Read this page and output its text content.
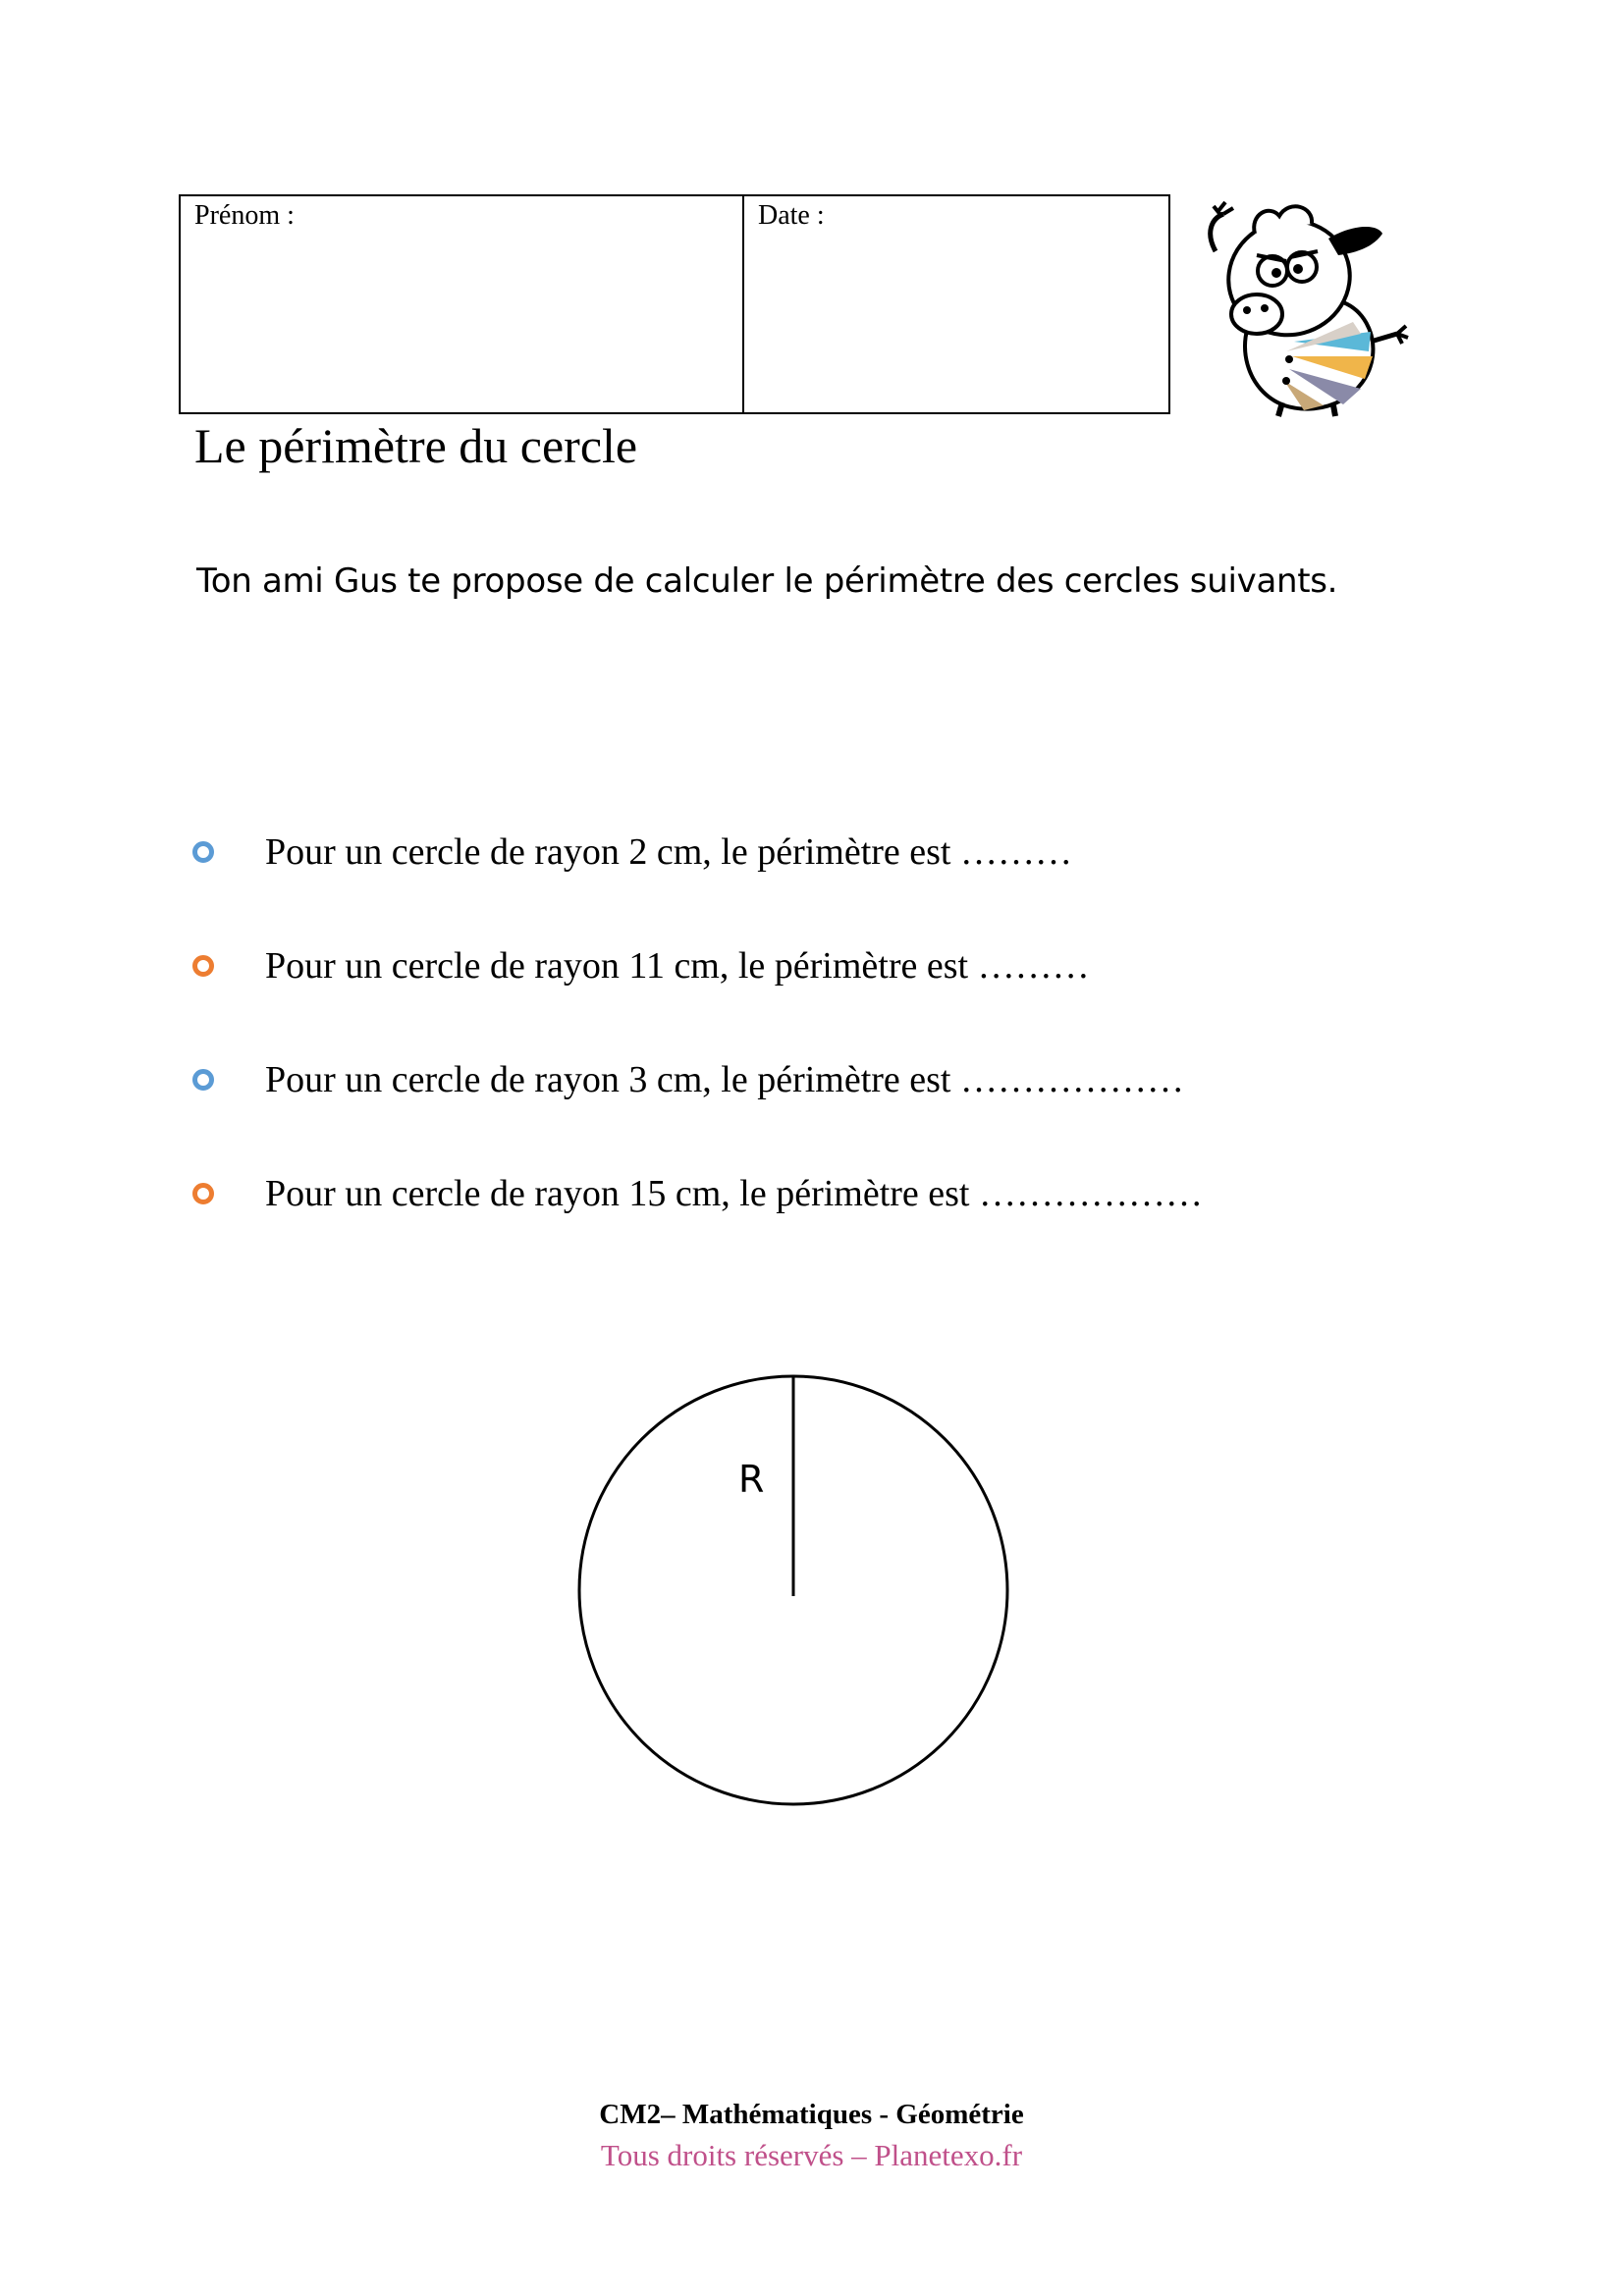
Prénom :	Date :
Le périmètre du cercle

Ton ami Gus te propose de calculer le périmètre des cercles suivants.

Pour un cercle de rayon 2 cm, le périmètre est ………
Pour un cercle de rayon 11 cm, le périmètre est ………
Pour un cercle de rayon 3 cm, le périmètre est ………………
Pour un cercle de rayon 15 cm, le périmètre est ………………
R
CM2– Mathématiques - Géométrie
Tous droits réservés – Planetexo.fr
